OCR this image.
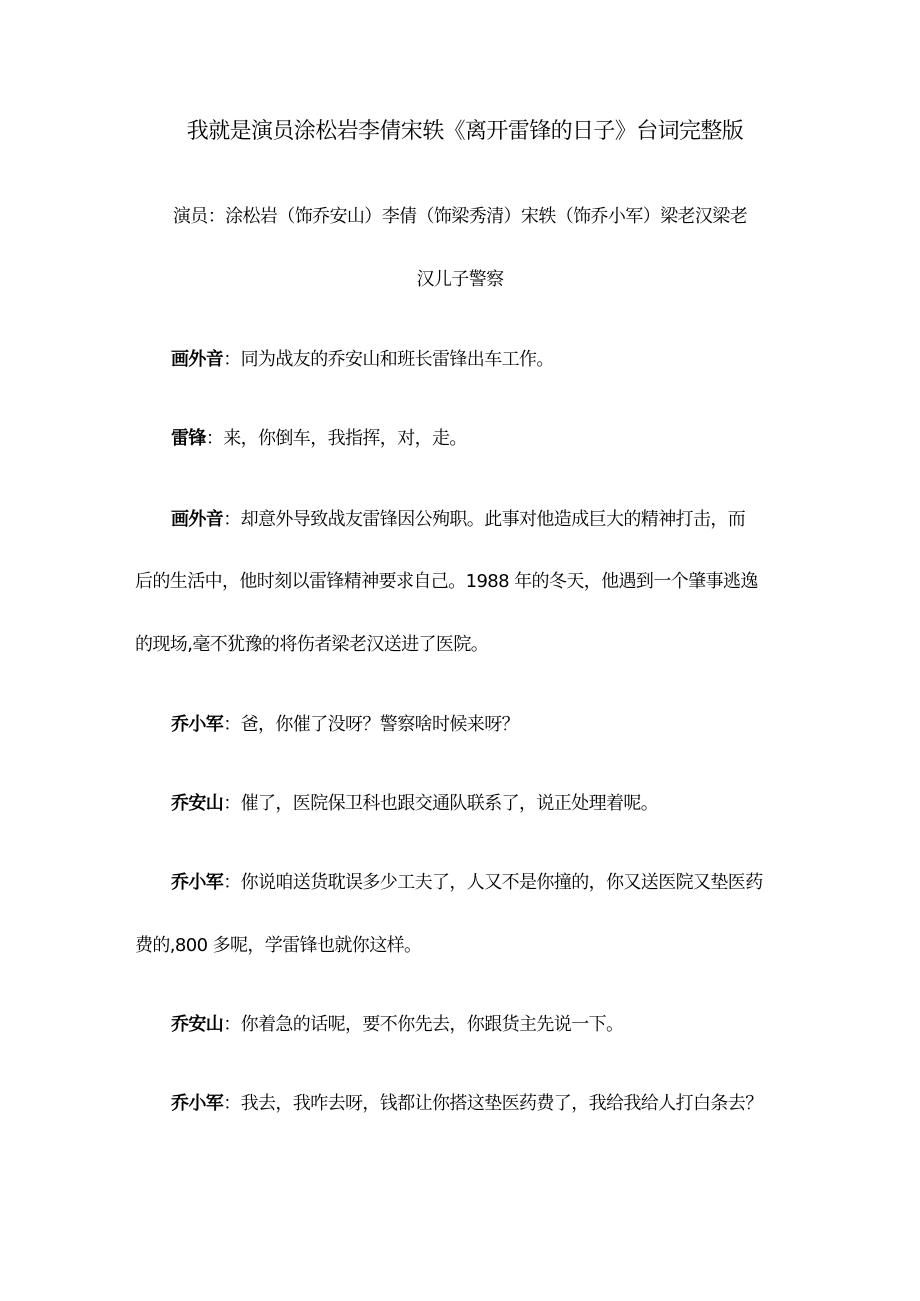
我就是演员涂松岩李倩宋轶《离开雷锋的日子》台词完整版
演员：涂松岩（饰乔安山）李倩（饰梁秀清）宋轶（饰乔小军）梁老汉梁老
汉儿子警察
画外音：同为战友的乔安山和班长雷锋出车工作。
雷锋：来，你倒车，我指挥，对，走。
画外音：却意外导致战友雷锋因公殉职。此事对他造成巨大的精神打击，而
后的生活中，他时刻以雷锋精神要求自己。1988 年的冬天，他遇到一个肇事逃逸
的现场,毫不犹豫的将伤者梁老汉送进了医院。
乔小军：爸，你催了没呀？警察啥时候来呀？
乔安山：催了，医院保卫科也跟交通队联系了，说正处理着呢。
乔小军：你说咱送货耽误多少工夫了，人又不是你撞的，你又送医院又垫医药
费的,800 多呢，学雷锋也就你这样。
乔安山：你着急的话呢，要不你先去，你跟货主先说一下。
乔小军：我去，我咋去呀，钱都让你搭这垫医药费了，我给我给人打白条去？
